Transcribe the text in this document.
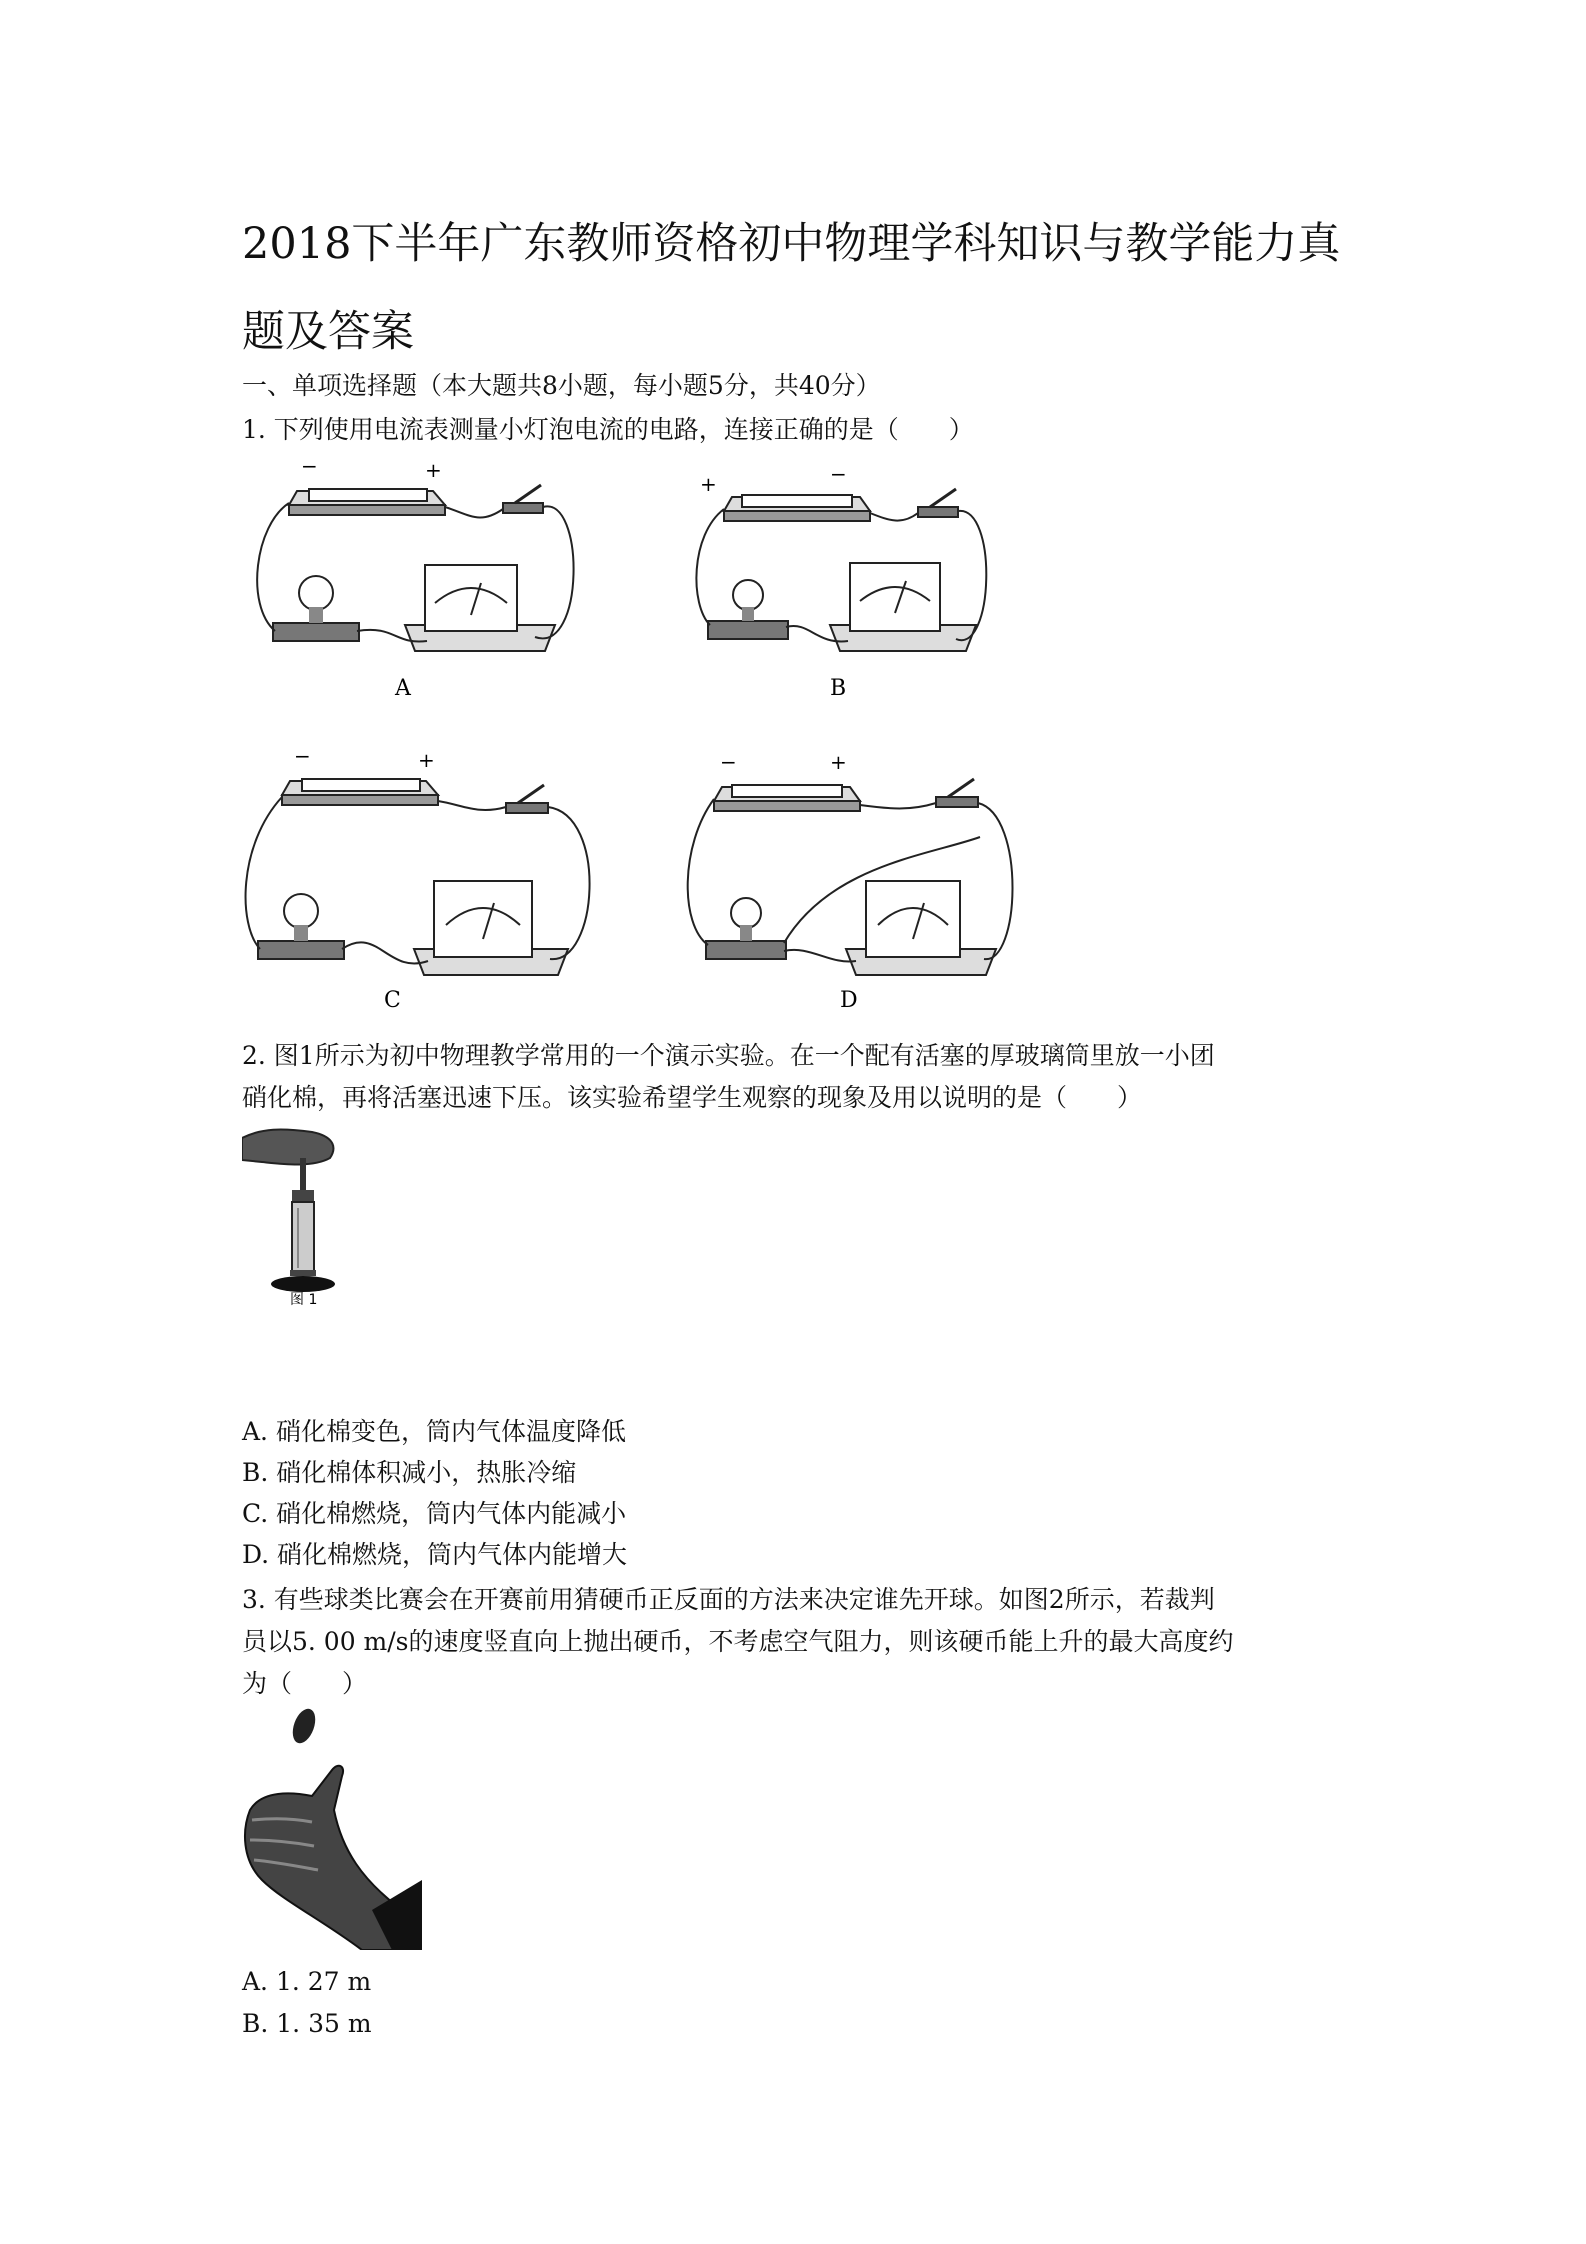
2018下半年广东教师资格初中物理学科知识与教学能力真题及答案
一、单项选择题（本大题共8小题，每小题5分，共40分）
1. 下列使用电流表测量小灯泡电流的电路，连接正确的是（　　）
−	+
A
+	−
B
−	+
C
−	+
D
2. 图1所示为初中物理教学常用的一个演示实验。在一个配有活塞的厚玻璃筒里放一小团
硝化棉，再将活塞迅速下压。该实验希望学生观察的现象及用以说明的是（　　）
图 1
A. 硝化棉变色，筒内气体温度降低
B. 硝化棉体积减小，热胀冷缩
C. 硝化棉燃烧，筒内气体内能减小
D. 硝化棉燃烧，筒内气体内能增大
3. 有些球类比赛会在开赛前用猜硬币正反面的方法来决定谁先开球。如图2所示，若裁判
员以5. 00 m/s的速度竖直向上抛出硬币，不考虑空气阻力，则该硬币能上升的最大高度约
为（　　）
A. 1. 27 m
B. 1. 35 m
